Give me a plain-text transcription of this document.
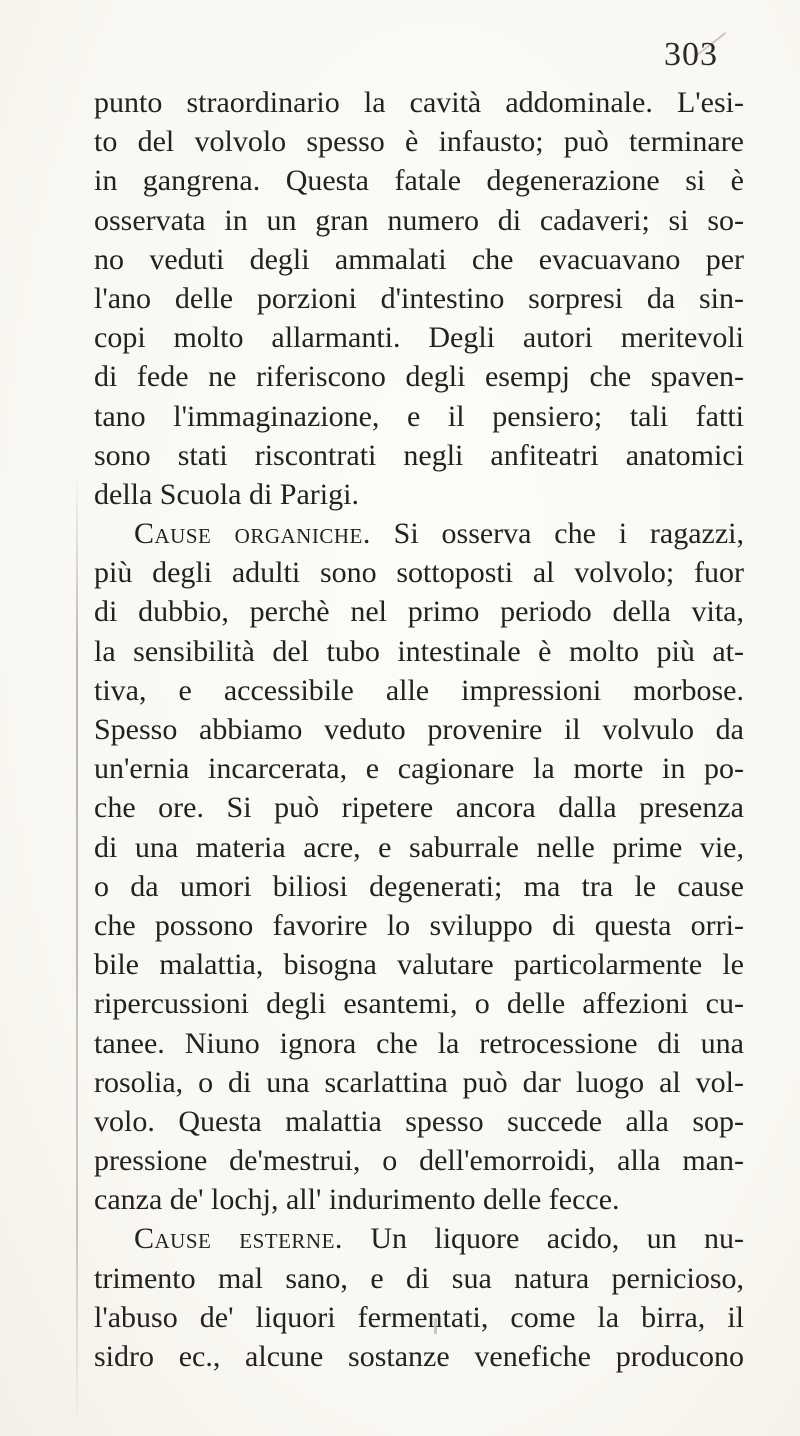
303
punto straordinario la cavità addominale. L'esi-
to del volvolo spesso è infausto; può terminare
in gangrena. Questa fatale degenerazione si è
osservata in un gran numero di cadaveri; si so-
no veduti degli ammalati che evacuavano per
l'ano delle porzioni d'intestino sorpresi da sin-
copi molto allarmanti. Degli autori meritevoli
di fede ne riferiscono degli esempj che spaven-
tano l'immaginazione, e il pensiero; tali fatti
sono stati riscontrati negli anfiteatri anatomici
della Scuola di Parigi.
Cause organiche. Si osserva che i ragazzi,
più degli adulti sono sottoposti al volvolo; fuor
di dubbio, perchè nel primo periodo della vita,
la sensibilità del tubo intestinale è molto più at-
tiva, e accessibile alle impressioni morbose.
Spesso abbiamo veduto provenire il volvulo da
un'ernia incarcerata, e cagionare la morte in po-
che ore. Si può ripetere ancora dalla presenza
di una materia acre, e saburrale nelle prime vie,
o da umori biliosi degenerati; ma tra le cause
che possono favorire lo sviluppo di questa orri-
bile malattia, bisogna valutare particolarmente le
ripercussioni degli esantemi, o delle affezioni cu-
tanee. Niuno ignora che la retrocessione di una
rosolia, o di una scarlattina può dar luogo al vol-
volo. Questa malattia spesso succede alla sop-
pressione de'mestrui, o dell'emorroidi, alla man-
canza de' lochj, all' indurimento delle fecce.
Cause esterne. Un liquore acido, un nu-
trimento mal sano, e di sua natura pernicioso,
l'abuso de' liquori fermentati, come la birra, il
sidro ec., alcune sostanze venefiche producono
